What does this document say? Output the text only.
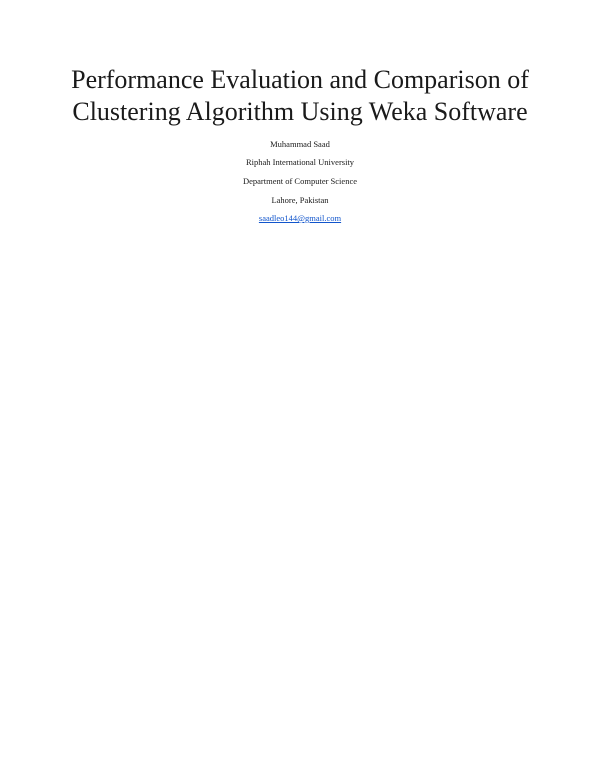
Performance Evaluation and Comparison of
Clustering Algorithm Using Weka Software
Muhammad Saad
Riphah International University
Department of Computer Science
Lahore, Pakistan
saadleo144@gmail.com
